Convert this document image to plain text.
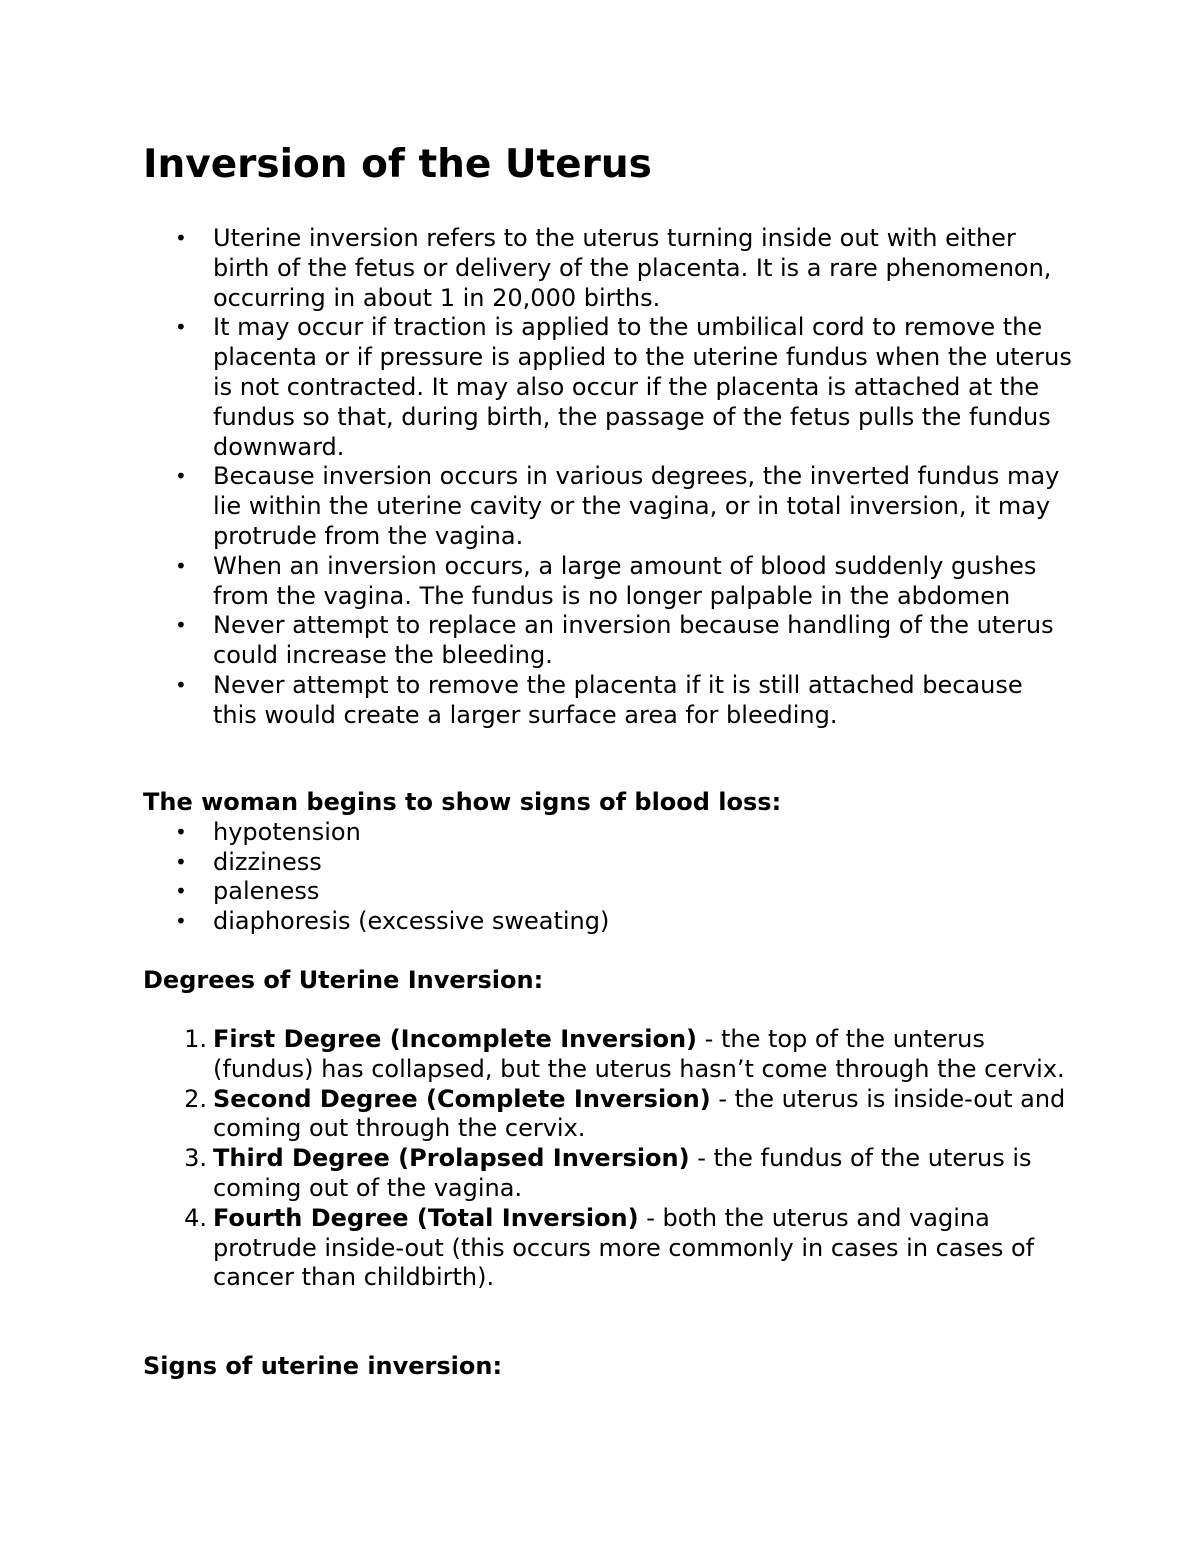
Inversion of the Uterus
• Uterine inversion refers to the uterus turning inside out with either birth of the fetus or delivery of the placenta. It is a rare phenomenon, occurring in about 1 in 20,000 births.
• It may occur if traction is applied to the umbilical cord to remove the placenta or if pressure is applied to the uterine fundus when the uterus is not contracted. It may also occur if the placenta is attached at the fundus so that, during birth, the passage of the fetus pulls the fundus downward.
• Because inversion occurs in various degrees, the inverted fundus may lie within the uterine cavity or the vagina, or in total inversion, it may protrude from the vagina.
• When an inversion occurs, a large amount of blood suddenly gushes from the vagina. The fundus is no longer palpable in the abdomen
• Never attempt to replace an inversion because handling of the uterus could increase the bleeding.
• Never attempt to remove the placenta if it is still attached because this would create a larger surface area for bleeding.

The woman begins to show signs of blood loss:

• hypotension
• dizziness
• paleness
• diaphoresis (excessive sweating)

Degrees of Uterine Inversion:

1. First Degree (Incomplete Inversion) - the top of the unterus (fundus) has collapsed, but the uterus hasn’t come through the cervix.
2. Second Degree (Complete Inversion) - the uterus is inside-out and coming out through the cervix.
3. Third Degree (Prolapsed Inversion) - the fundus of the uterus is coming out of the vagina.
4. Fourth Degree (Total Inversion) - both the uterus and vagina protrude inside-out (this occurs more commonly in cases in cases of cancer than childbirth).

Signs of uterine inversion:
